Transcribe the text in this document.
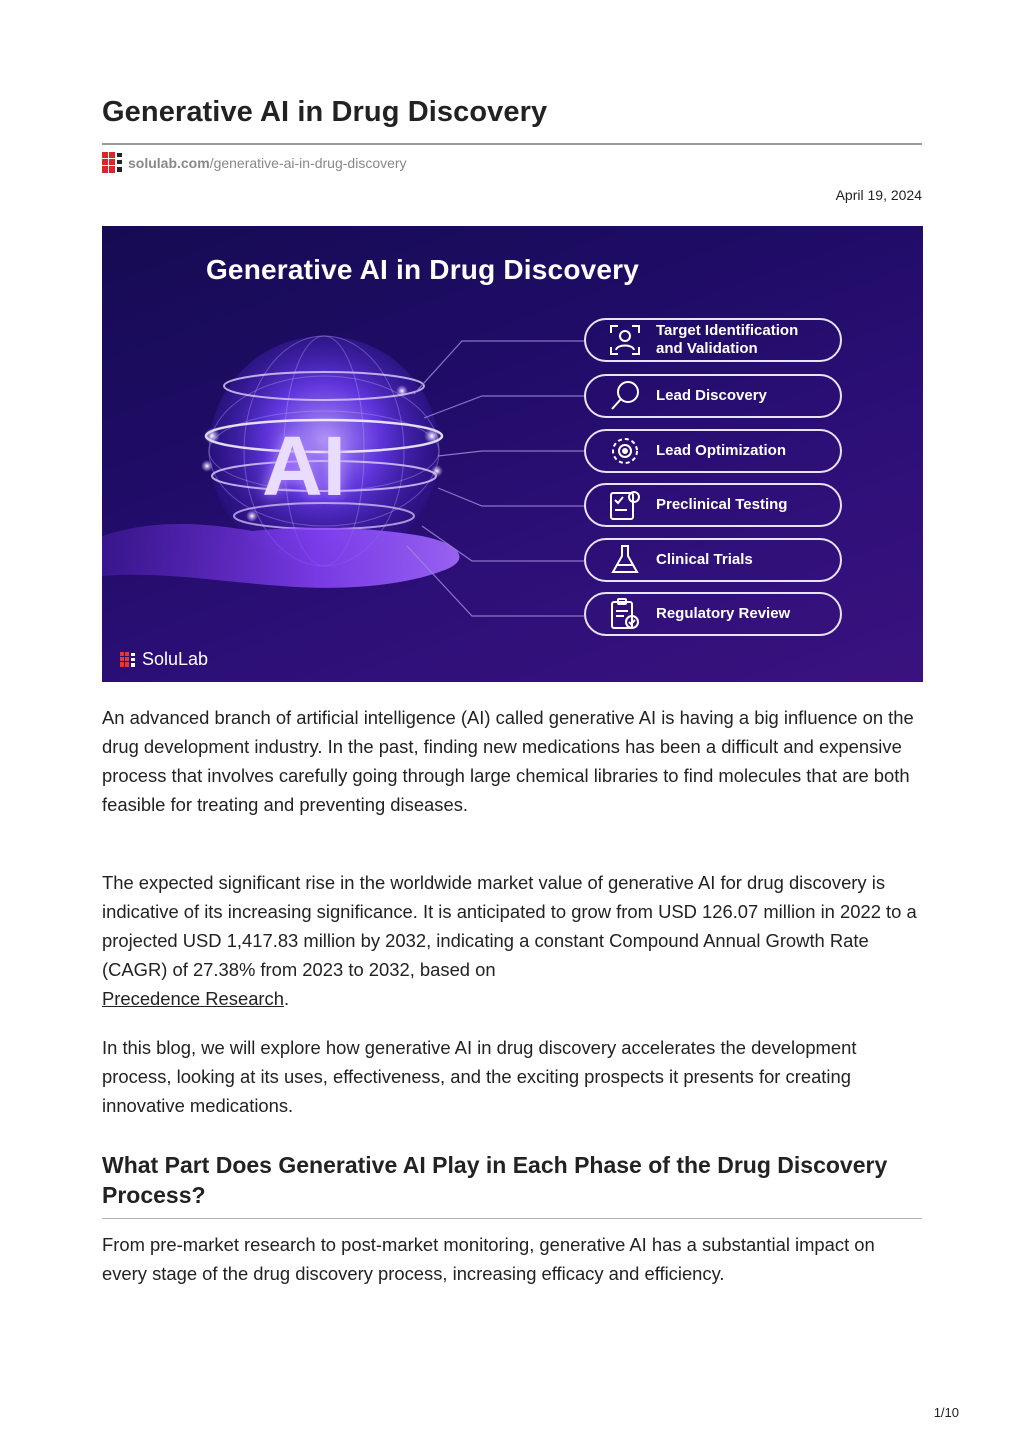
Generative AI in Drug Discovery
solulab.com /generative-ai-in-drug-discovery
April 19, 2024
Generative AI in Drug Discovery
AI
Target Identification
and Validation
Lead Discovery
Lead Optimization
Preclinical Testing
Clinical Trials
Regulatory Review
SoluLab

An advanced branch of artificial intelligence (AI) called generative AI is having a big influence on the drug development industry. In the past, finding new medications has been a difficult and expensive process that involves carefully going through large chemical libraries to find molecules that are both feasible for treating and preventing diseases.

The expected significant rise in the worldwide market value of generative AI for drug discovery is indicative of its increasing significance. It is anticipated to grow from USD 126.07 million in 2022 to a projected USD 1,417.83 million by 2032, indicating a constant Compound Annual Growth Rate (CAGR) of 27.38% from 2023 to 2032, based on
Precedence Research.

In this blog, we will explore how generative AI in drug discovery accelerates the development process, looking at its uses, effectiveness, and the exciting prospects it presents for creating innovative medications.

What Part Does Generative AI Play in Each Phase of the Drug Discovery Process?

From pre-market research to post-market monitoring, generative AI has a substantial impact on every stage of the drug discovery process, increasing efficacy and efficiency.

1/10
